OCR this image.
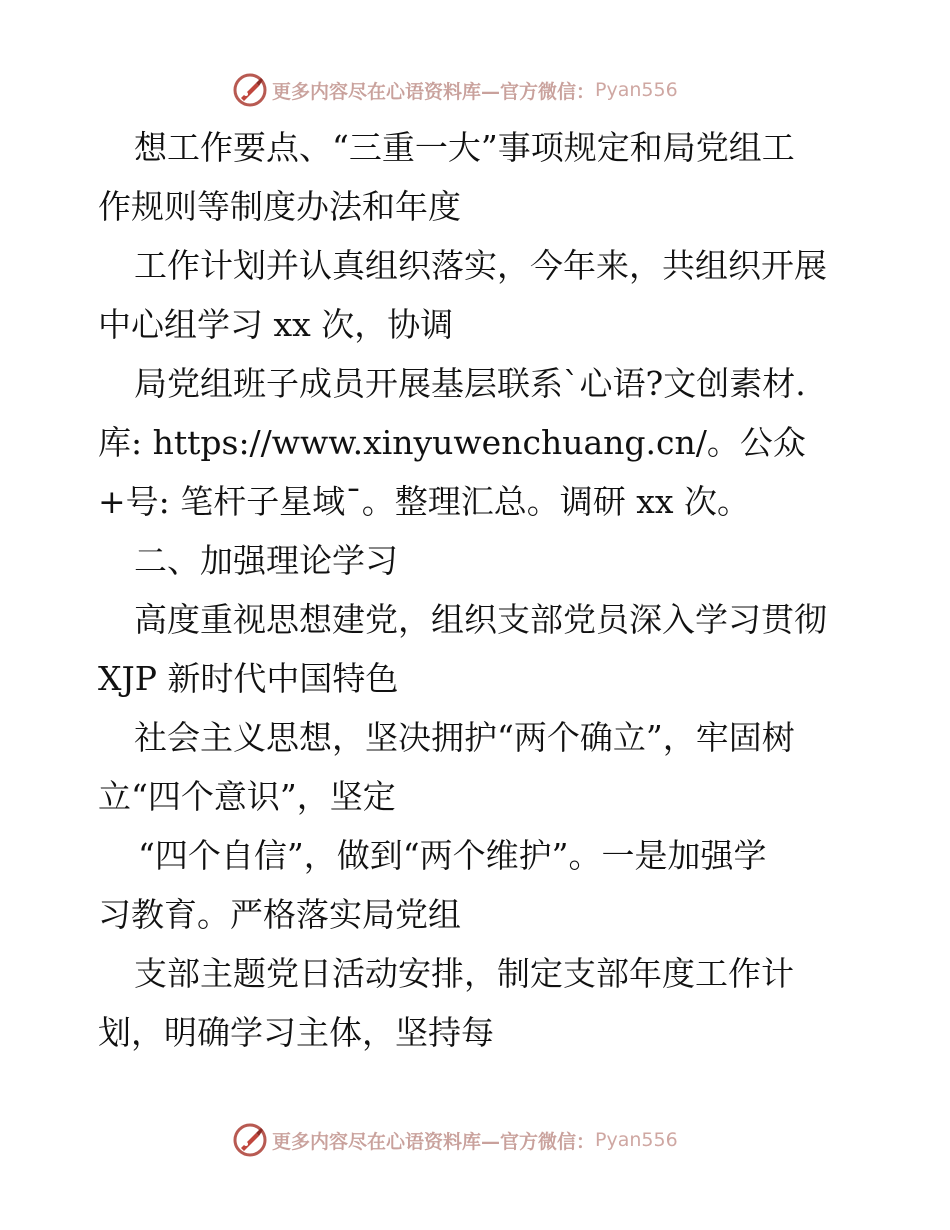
更多内容尽在心语资料库—官方微信： Pyan556
想工作要点、“三重一大”事项规定和局党组工
作规则等制度办法和年度
工作计划并认真组织落实，今年来，共组织开展
中心组学习 xx 次，协调
局党组班子成员开展基层联系`心语?文创素材.
库: https://www.xinyuwenchuang.cn/。公众
+号: 笔杆子星域¯。整理汇总。调研 xx 次。
二、加强理论学习
高度重视思想建党，组织支部党员深入学习贯彻
XJP 新时代中国特色
社会主义思想，坚决拥护“两个确立”，牢固树
立“四个意识”，坚定
“四个自信”，做到“两个维护”。一是加强学
习教育。严格落实局党组
支部主题党日活动安排，制定支部年度工作计
划，明确学习主体，坚持每
更多内容尽在心语资料库—官方微信： Pyan556
